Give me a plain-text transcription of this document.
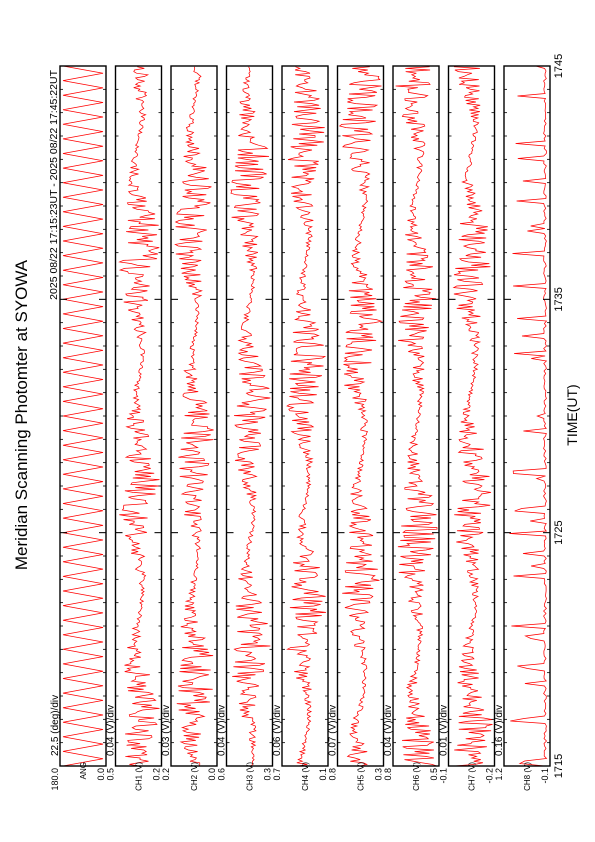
Meridian Scanning Photomter at SYOWA
2025 08/22 17:15:23UT - 2025 08/22 17:45:22UT
TIME(UT)
180.0	0.0
ANG
22.5 (deg)/div
0.5	0.2
CH1 (V)
0.04 (V)/div
0.2	0.0
CH2 (V)
0.03 (V)/div
0.6	0.3
CH3 (V)
0.04 (V)/div
0.7	0.1
CH4 (V)
0.06 (V)/div
0.8	0.3
CH5 (V)
0.07 (V)/div
0.8	0.5
CH6 (V)
0.04 (V)/div
-0.1	-0.2
CH7 (V)
0.01 (V)/div
1.2	-0.1
CH8 (V)
0.16 (V)/div
1715
1725
1735
1745
